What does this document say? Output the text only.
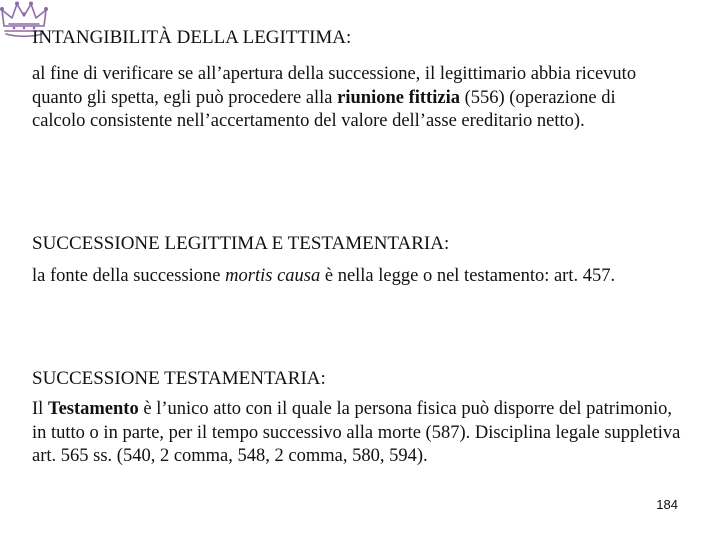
INTANGIBILITÀ DELLA LEGITTIMA:

al fine di verificare se all’apertura della successione, il legittimario abbia ricevuto quanto gli spetta, egli può procedere alla riunione fittizia (556) (operazione di calcolo consistente nell’accertamento del valore dell’asse ereditario netto).

SUCCESSIONE LEGITTIMA E TESTAMENTARIA:

la fonte della successione mortis causa è nella legge o nel testamento: art. 457.

SUCCESSIONE TESTAMENTARIA:

Il Testamento è l’unico atto con il quale la persona fisica può disporre del patrimonio, in tutto o in parte, per il tempo successivo alla morte (587). Disciplina legale suppletiva art. 565 ss. (540, 2 comma, 548, 2 comma, 580, 594).

184
